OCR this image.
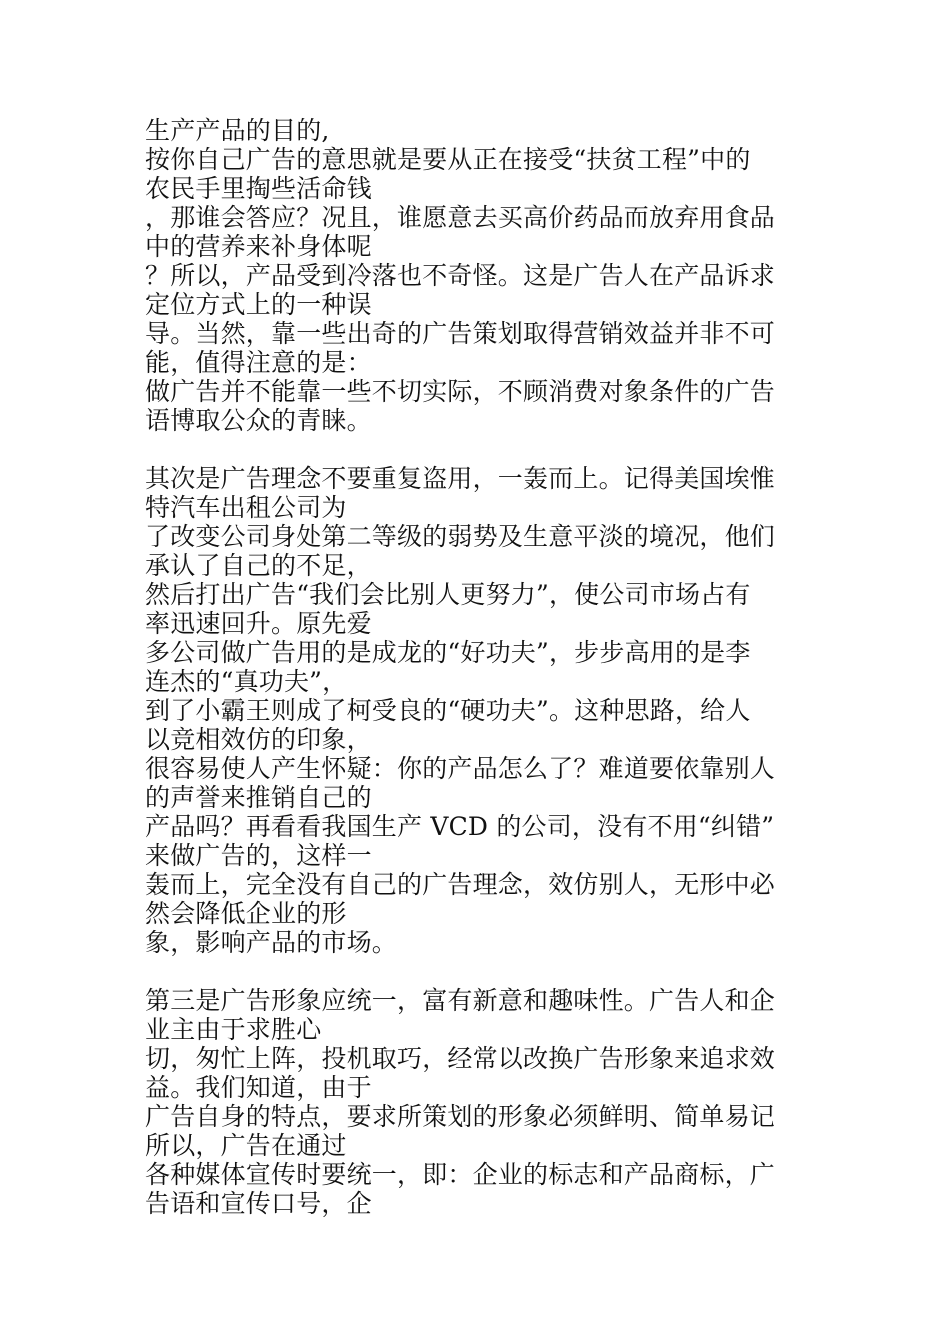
生产产品的目的,
按你自己广告的意思就是要从正在接受“扶贫工程”中的
农民手里掏些活命钱
，那谁会答应？况且，谁愿意去买高价药品而放弃用食品
中的营养来补身体呢
？所以，产品受到冷落也不奇怪。这是广告人在产品诉求
定位方式上的一种误
导。当然，靠一些出奇的广告策划取得营销效益并非不可
能，值得注意的是：
做广告并不能靠一些不切实际，不顾消费对象条件的广告
语博取公众的青睐。
其次是广告理念不要重复盗用，一轰而上。记得美国埃惟
特汽车出租公司为
了改变公司身处第二等级的弱势及生意平淡的境况，他们
承认了自己的不足，
然后打出广告“我们会比别人更努力”，使公司市场占有
率迅速回升。原先爱
多公司做广告用的是成龙的“好功夫”，步步高用的是李
连杰的“真功夫”，
到了小霸王则成了柯受良的“硬功夫”。这种思路，给人
以竞相效仿的印象，
很容易使人产生怀疑：你的产品怎么了？难道要依靠别人
的声誉来推销自己的
产品吗？再看看我国生产 VCD 的公司，没有不用“纠错”
来做广告的，这样一
轰而上，完全没有自己的广告理念，效仿别人，无形中必
然会降低企业的形
象，影响产品的市场。
第三是广告形象应统一，富有新意和趣味性。广告人和企
业主由于求胜心
切，匆忙上阵，投机取巧，经常以改换广告形象来追求效
益。我们知道，由于
广告自身的特点，要求所策划的形象必须鲜明、简单易记
所以，广告在通过
各种媒体宣传时要统一，即：企业的标志和产品商标，广
告语和宣传口号，企
